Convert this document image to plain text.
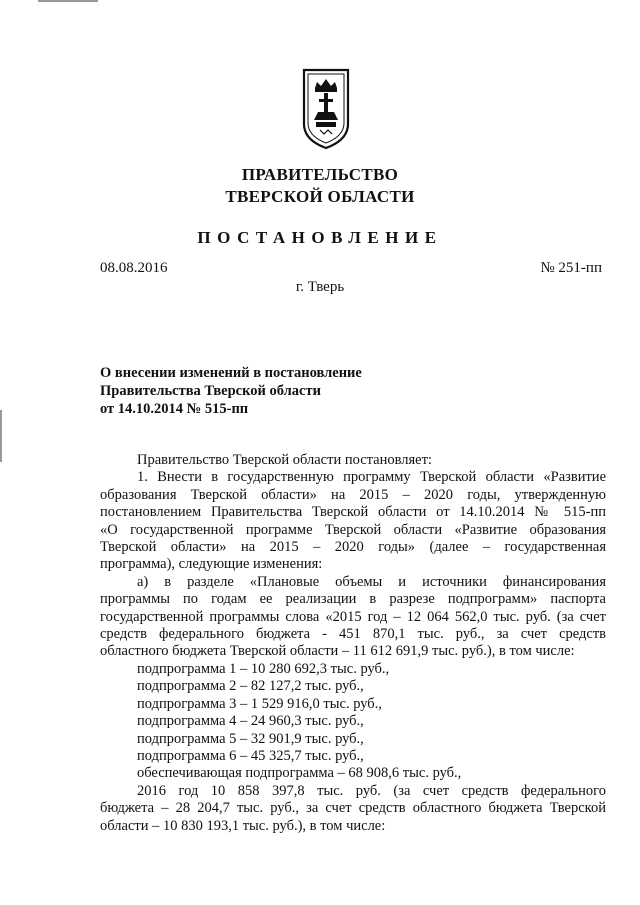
ПРАВИТЕЛЬСТВО
ТВЕРСКОЙ ОБЛАСТИ
ПОСТАНОВЛЕНИЕ
08.08.2016	№ 251-пп
г. Тверь
О внесении изменений в постановление
Правительства Тверской области
от 14.10.2014 № 515-пп

Правительство Тверской области постановляет:

1. Внести в государственную программу Тверской области «Развитие

образования Тверской области» на 2015 – 2020 годы, утвержденную

постановлением Правительства Тверской области от 14.10.2014 № 515-пп

«О государственной программе Тверской области «Развитие образования

Тверской области» на 2015 – 2020 годы» (далее – государственная

программа), следующие изменения:

а) в разделе «Плановые объемы и источники финансирования

программы по годам ее реализации в разрезе подпрограмм» паспорта

государственной программы слова «2015 год – 12 064 562,0 тыс. руб. (за счет

средств федерального бюджета - 451 870,1 тыс. руб., за счет средств

областного бюджета Тверской области – 11 612 691,9 тыс. руб.), в том числе:

подпрограмма 1 – 10 280 692,3 тыс. руб.,

подпрограмма 2 – 82 127,2 тыс. руб.,

подпрограмма 3 – 1 529 916,0 тыс. руб.,

подпрограмма 4 – 24 960,3 тыс. руб.,

подпрограмма 5 – 32 901,9 тыс. руб.,

подпрограмма 6 – 45 325,7 тыс. руб.,

обеспечивающая подпрограмма – 68 908,6 тыс. руб.,

2016 год 10 858 397,8 тыс. руб. (за счет средств федерального

бюджета – 28 204,7 тыс. руб., за счет средств областного бюджета Тверской

области – 10 830 193,1 тыс. руб.), в том числе:
